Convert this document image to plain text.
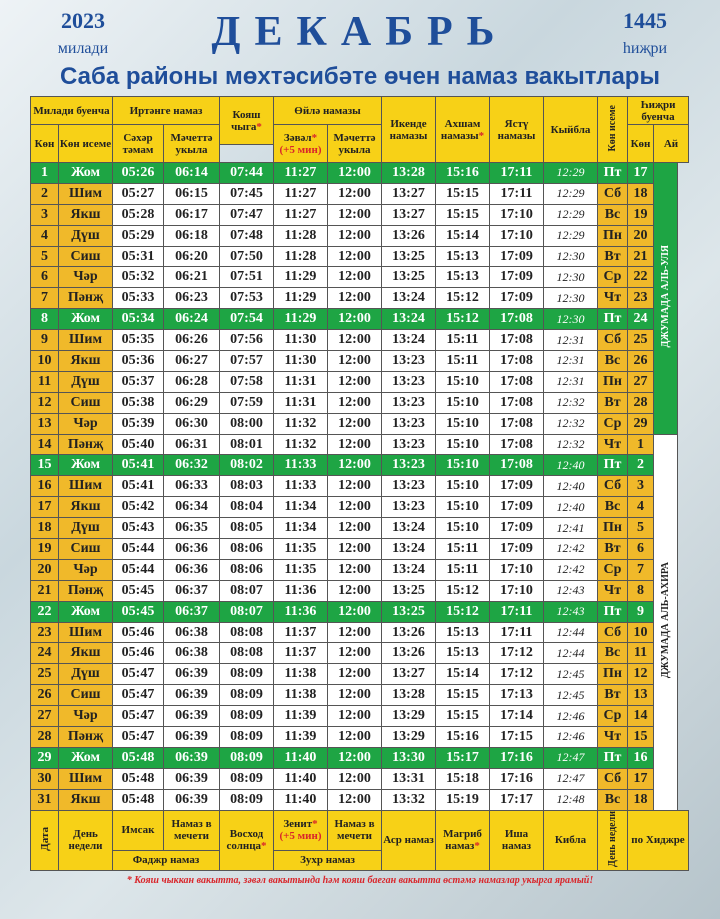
2023
милади	ДЕКАБРЬ	1445
һиҗри
Саба районы мөхтәсибәте өчен намаз вакытлары
Милади буенча		Иртәнге намаз		Кояш чыга*	Өйлә намазы		Икенде намазы	Ахшам намазы*	Ястү намазы	Кыйбла	Көн исеме	Һиҗри буенча	
Көн	Көн исеме	Сәхәр тәмам	Мәчеттә укыла		Зәвәл*
(+5 мин)	Мәчеттә укыла						Көн	Ай

1	Жом	05:26	06:14	07:44	11:27	12:00	13:28	15:16	17:11	12:29	Пт	17	ДЖУМАДА АЛЬ-УЛЯ
2	Шим	05:27	06:15	07:45	11:27	12:00	13:27	15:15	17:11	12:29	Сб	18	
3	Якш	05:28	06:17	07:47	11:27	12:00	13:27	15:15	17:10	12:29	Вс	19	
4	Дүш	05:29	06:18	07:48	11:28	12:00	13:26	15:14	17:10	12:29	Пн	20	
5	Сиш	05:31	06:20	07:50	11:28	12:00	13:25	15:13	17:09	12:30	Вт	21	
6	Чәр	05:32	06:21	07:51	11:29	12:00	13:25	15:13	17:09	12:30	Ср	22	
7	Пәнҗ	05:33	06:23	07:53	11:29	12:00	13:24	15:12	17:09	12:30	Чт	23	
8	Жом	05:34	06:24	07:54	11:29	12:00	13:24	15:12	17:08	12:30	Пт	24	
9	Шим	05:35	06:26	07:56	11:30	12:00	13:24	15:11	17:08	12:31	Сб	25	
10	Якш	05:36	06:27	07:57	11:30	12:00	13:23	15:11	17:08	12:31	Вс	26	
11	Дүш	05:37	06:28	07:58	11:31	12:00	13:23	15:10	17:08	12:31	Пн	27	
12	Сиш	05:38	06:29	07:59	11:31	12:00	13:23	15:10	17:08	12:32	Вт	28	
13	Чәр	05:39	06:30	08:00	11:32	12:00	13:23	15:10	17:08	12:32	Ср	29	
14	Пәнҗ	05:40	06:31	08:01	11:32	12:00	13:23	15:10	17:08	12:32	Чт	1	ДЖУМАДА АЛЬ-АХИРА
15	Жом	05:41	06:32	08:02	11:33	12:00	13:23	15:10	17:08	12:40	Пт	2	
16	Шим	05:41	06:33	08:03	11:33	12:00	13:23	15:10	17:09	12:40	Сб	3	
17	Якш	05:42	06:34	08:04	11:34	12:00	13:23	15:10	17:09	12:40	Вс	4	
18	Дүш	05:43	06:35	08:05	11:34	12:00	13:24	15:10	17:09	12:41	Пн	5	
19	Сиш	05:44	06:36	08:06	11:35	12:00	13:24	15:11	17:09	12:42	Вт	6	
20	Чәр	05:44	06:36	08:06	11:35	12:00	13:24	15:11	17:10	12:42	Ср	7	
21	Пәнҗ	05:45	06:37	08:07	11:36	12:00	13:25	15:12	17:10	12:43	Чт	8	
22	Жом	05:45	06:37	08:07	11:36	12:00	13:25	15:12	17:11	12:43	Пт	9	
23	Шим	05:46	06:38	08:08	11:37	12:00	13:26	15:13	17:11	12:44	Сб	10	
24	Якш	05:46	06:38	08:08	11:37	12:00	13:26	15:13	17:12	12:44	Вс	11	
25	Дүш	05:47	06:39	08:09	11:38	12:00	13:27	15:14	17:12	12:45	Пн	12	
26	Сиш	05:47	06:39	08:09	11:38	12:00	13:28	15:15	17:13	12:45	Вт	13	
27	Чәр	05:47	06:39	08:09	11:39	12:00	13:29	15:15	17:14	12:46	Ср	14	
28	Пәнҗ	05:47	06:39	08:09	11:39	12:00	13:29	15:16	17:15	12:46	Чт	15	
29	Жом	05:48	06:39	08:09	11:40	12:00	13:30	15:17	17:16	12:47	Пт	16	
30	Шим	05:48	06:39	08:09	11:40	12:00	13:31	15:18	17:16	12:47	Сб	17	
31	Якш	05:48	06:39	08:09	11:40	12:00	13:32	15:19	17:17	12:48	Вс	18	
Дата	День недели	Имсак	Намаз в мечети	Восход солнца*	Зенит*
(+5 мин)	Намаз в мечети	Аср намаз	Магриб намаз*	Иша намаз	Кибла	День недели	по Хиджре	
		Фаджр намаз			Зухр намаз								
* Кояш чыккан вакытта, зәвәл вакытында һәм кояш баеган вакытта өстәмә намазлар укырга ярамый!
